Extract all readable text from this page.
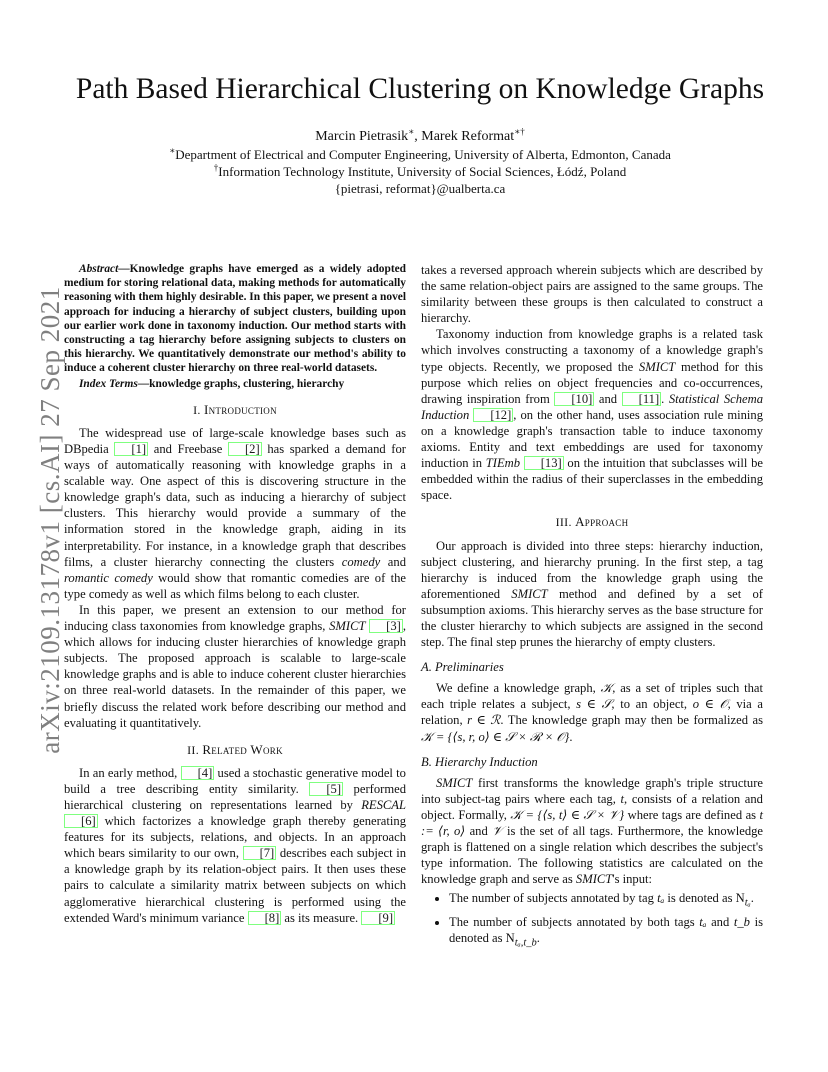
arXiv:2109.13178v1 [cs.AI] 27 Sep 2021
Path Based Hierarchical Clustering on Knowledge Graphs
Marcin Pietrasik∗, Marek Reformat∗†
∗Department of Electrical and Computer Engineering, University of Alberta, Edmonton, Canada
†Information Technology Institute, University of Social Sciences, Łódź, Poland
{pietrasi, reformat}@ualberta.ca

Abstract—Knowledge graphs have emerged as a widely adopted medium for storing relational data, making methods for automatically reasoning with them highly desirable. In this paper, we present a novel approach for inducing a hierarchy of subject clusters, building upon our earlier work done in taxonomy induction. Our method starts with constructing a tag hierarchy before assigning subjects to clusters on this hierarchy. We quantitatively demonstrate our method's ability to induce a coherent cluster hierarchy on three real-world datasets.

Index Terms—knowledge graphs, clustering, hierarchy

I. Introduction

The widespread use of large-scale knowledge bases such as DBpedia [1] and Freebase [2] has sparked a demand for ways of automatically reasoning with knowledge graphs in a scalable way. One aspect of this is discovering structure in the knowledge graph's data, such as inducing a hierarchy of subject clusters. This hierarchy would provide a summary of the information stored in the knowledge graph, aiding in its interpretability. For instance, in a knowledge graph that describes films, a cluster hierarchy connecting the clusters comedy and romantic comedy would show that romantic comedies are of the type comedy as well as which films belong to each cluster.

In this paper, we present an extension to our method for inducing class taxonomies from knowledge graphs, SMICT [3] , which allows for inducing cluster hierarchies of knowledge graph subjects. The proposed approach is scalable to large-scale knowledge graphs and is able to induce coherent cluster hierarchies on three real-world datasets. In the remainder of this paper, we briefly discuss the related work before describing our method and evaluating it quantitatively.

II. Related Work

In an early method, [4] used a stochastic generative model to build a tree describing entity similarity. [5] performed hierarchical clustering on representations learned by RESCAL [6] which factorizes a knowledge graph thereby generating features for its subjects, relations, and objects. In an approach which bears similarity to our own, [7] describes each subject in a knowledge graph by its relation-object pairs. It then uses these pairs to calculate a similarity matrix between subjects on which agglomerative hierarchical clustering is performed using the extended Ward's minimum variance [8] as its measure. [9]

takes a reversed approach wherein subjects which are described by the same relation-object pairs are assigned to the same groups. The similarity between these groups is then calculated to construct a hierarchy.

Taxonomy induction from knowledge graphs is a related task which involves constructing a taxonomy of a knowledge graph's type objects. Recently, we proposed the SMICT method for this purpose which relies on object frequencies and co-occurrences, drawing inspiration from [10] and [11] . Statistical Schema Induction [12] , on the other hand, uses association rule mining on a knowledge graph's transaction table to induce taxonomy axioms. Entity and text embeddings are used for taxonomy induction in TIEmb [13] on the intuition that subclasses will be embedded within the radius of their superclasses in the embedding space.

III. Approach

Our approach is divided into three steps: hierarchy induction, subject clustering, and hierarchy pruning. In the first step, a tag hierarchy is induced from the knowledge graph using the aforementioned SMICT method and defined by a set of subsumption axioms. This hierarchy serves as the base structure for the cluster hierarchy to which subjects are assigned in the second step. The final step prunes the hierarchy of empty clusters.

A. Preliminaries

We define a knowledge graph, 𝒦, as a set of triples such that each triple relates a subject, s ∈ 𝒮, to an object, o ∈ 𝒪, via a relation, r ∈ ℛ. The knowledge graph may then be formalized as 𝒦 = {⟨s, r, o⟩ ∈ 𝒮 × ℛ × 𝒪}.

B. Hierarchy Induction

SMICT first transforms the knowledge graph's triple structure into subject-tag pairs where each tag, t, consists of a relation and object. Formally, 𝒦 = {⟨s, t⟩ ∈ 𝒮 × 𝒱} where tags are defined as t := ⟨r, o⟩ and 𝒱 is the set of all tags. Furthermore, the knowledge graph is flattened on a single relation which describes the subject's type information. The following statistics are calculated on the knowledge graph and serve as SMICT's input:

• The number of subjects annotated by tag tₐ is denoted as $N_{t_a}$.
• The number of subjects annotated by both tags tₐ and t_b is denoted as $N_{t_a,t\_b}$.
